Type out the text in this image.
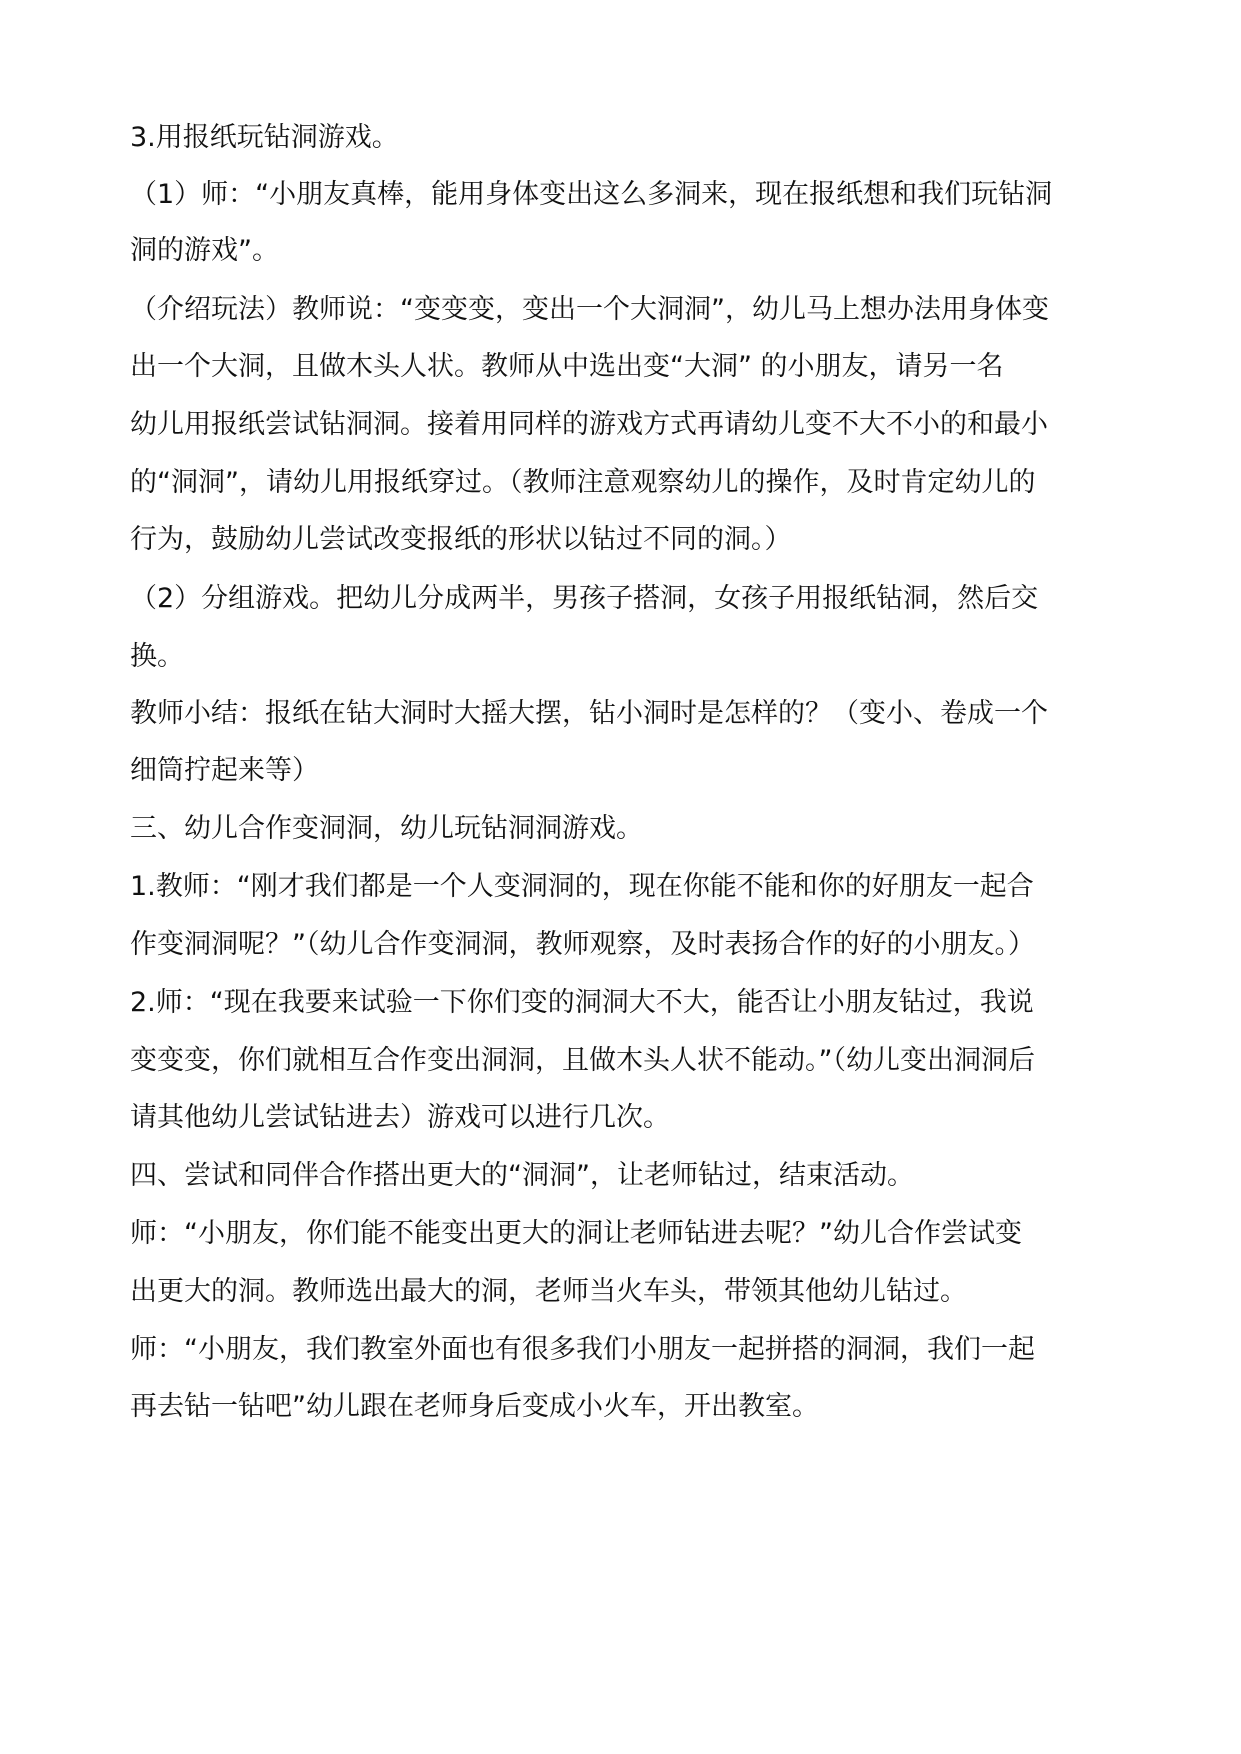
3.用报纸玩钻洞游戏。
（1）师：“小朋友真棒，能用身体变出这么多洞来，现在报纸想和我们玩钻洞
洞的游戏”。
（介绍玩法）教师说：“变变变，变出一个大洞洞”，幼儿马上想办法用身体变
出一个大洞，且做木头人状。教师从中选出变“大洞” 的小朋友，请另一名
幼儿用报纸尝试钻洞洞。接着用同样的游戏方式再请幼儿变不大不小的和最小
的“洞洞”，请幼儿用报纸穿过。（教师注意观察幼儿的操作，及时肯定幼儿的
行为，鼓励幼儿尝试改变报纸的形状以钻过不同的洞。）
（2）分组游戏。把幼儿分成两半，男孩子搭洞，女孩子用报纸钻洞，然后交
换。
教师小结：报纸在钻大洞时大摇大摆，钻小洞时是怎样的？（变小、卷成一个
细筒拧起来等）
三、幼儿合作变洞洞，幼儿玩钻洞洞游戏。
1.教师：“刚才我们都是一个人变洞洞的，现在你能不能和你的好朋友一起合
作变洞洞呢？”（幼儿合作变洞洞，教师观察，及时表扬合作的好的小朋友。）
2.师：“现在我要来试验一下你们变的洞洞大不大，能否让小朋友钻过，我说
变变变，你们就相互合作变出洞洞，且做木头人状不能动。”（幼儿变出洞洞后
请其他幼儿尝试钻进去）游戏可以进行几次。
四、尝试和同伴合作搭出更大的“洞洞”，让老师钻过，结束活动。
师：“小朋友，你们能不能变出更大的洞让老师钻进去呢？”幼儿合作尝试变
出更大的洞。教师选出最大的洞，老师当火车头，带领其他幼儿钻过。
师：“小朋友，我们教室外面也有很多我们小朋友一起拼搭的洞洞，我们一起
再去钻一钻吧”幼儿跟在老师身后变成小火车，开出教室。
